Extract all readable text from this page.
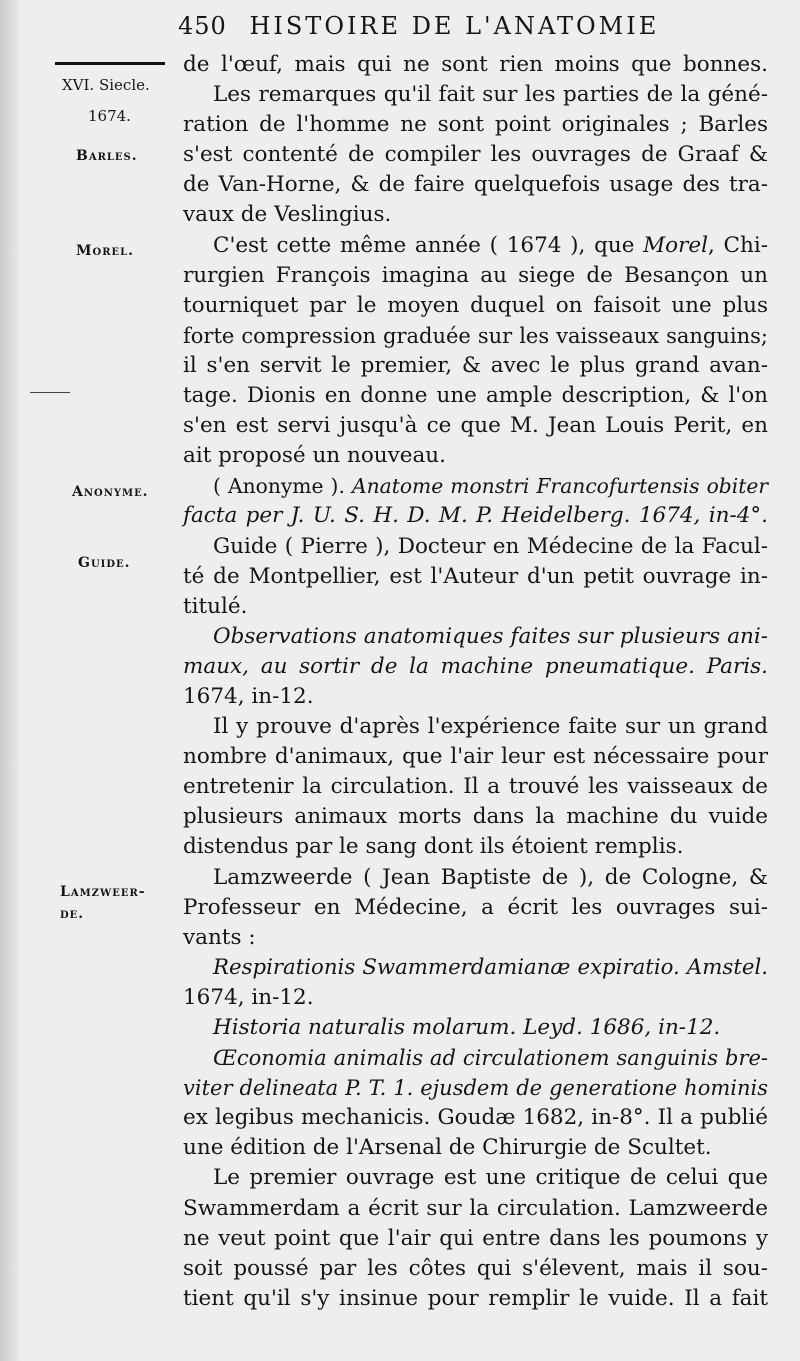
450 HISTOIRE DE L'ANATOMIE
XVI. Siecle.
1674.
Barles.
Morel.
Anonyme.
Guide.
Lamzweer-
de.
de l'œuf, mais qui ne sont rien moins que bonnes.
Les remarques qu'il fait sur les parties de la géné-
ration de l'homme ne sont point originales ; Barles
s'est contenté de compiler les ouvrages de Graaf &
de Van-Horne, & de faire quelquefois usage des tra-
vaux de Veslingius.
C'est cette même année ( 1674 ), que Morel, Chi-
rurgien François imagina au siege de Besançon un
tourniquet par le moyen duquel on faisoit une plus
forte compression graduée sur les vaisseaux sanguins;
il s'en servit le premier, & avec le plus grand avan-
tage. Dionis en donne une ample description, & l'on
s'en est servi jusqu'à ce que M. Jean Louis Perit, en
ait proposé un nouveau.
( Anonyme ). Anatome monstri Francofurtensis obiter
facta per J. U. S. H. D. M. P. Heidelberg. 1674, in-4°.
Guide ( Pierre ), Docteur en Médecine de la Facul-
té de Montpellier, est l'Auteur d'un petit ouvrage in-
titulé.
Observations anatomiques faites sur plusieurs ani-
maux, au sortir de la machine pneumatique. Paris.
1674, in-12.
Il y prouve d'après l'expérience faite sur un grand
nombre d'animaux, que l'air leur est nécessaire pour
entretenir la circulation. Il a trouvé les vaisseaux de
plusieurs animaux morts dans la machine du vuide
distendus par le sang dont ils étoient remplis.
Lamzweerde ( Jean Baptiste de ), de Cologne, &
Professeur en Médecine, a écrit les ouvrages sui-
vants :
Respirationis Swammerdamianæ expiratio. Amstel.
1674, in-12.
Historia naturalis molarum. Leyd. 1686, in-12.
Œconomia animalis ad circulationem sanguinis bre-
viter delineata P. T. 1. ejusdem de generatione hominis
ex legibus mechanicis. Goudæ 1682, in-8°. Il a publié
une édition de l'Arsenal de Chirurgie de Scultet.
Le premier ouvrage est une critique de celui que
Swammerdam a écrit sur la circulation. Lamzweerde
ne veut point que l'air qui entre dans les poumons y
soit poussé par les côtes qui s'élevent, mais il sou-
tient qu'il s'y insinue pour remplir le vuide. Il a fait
